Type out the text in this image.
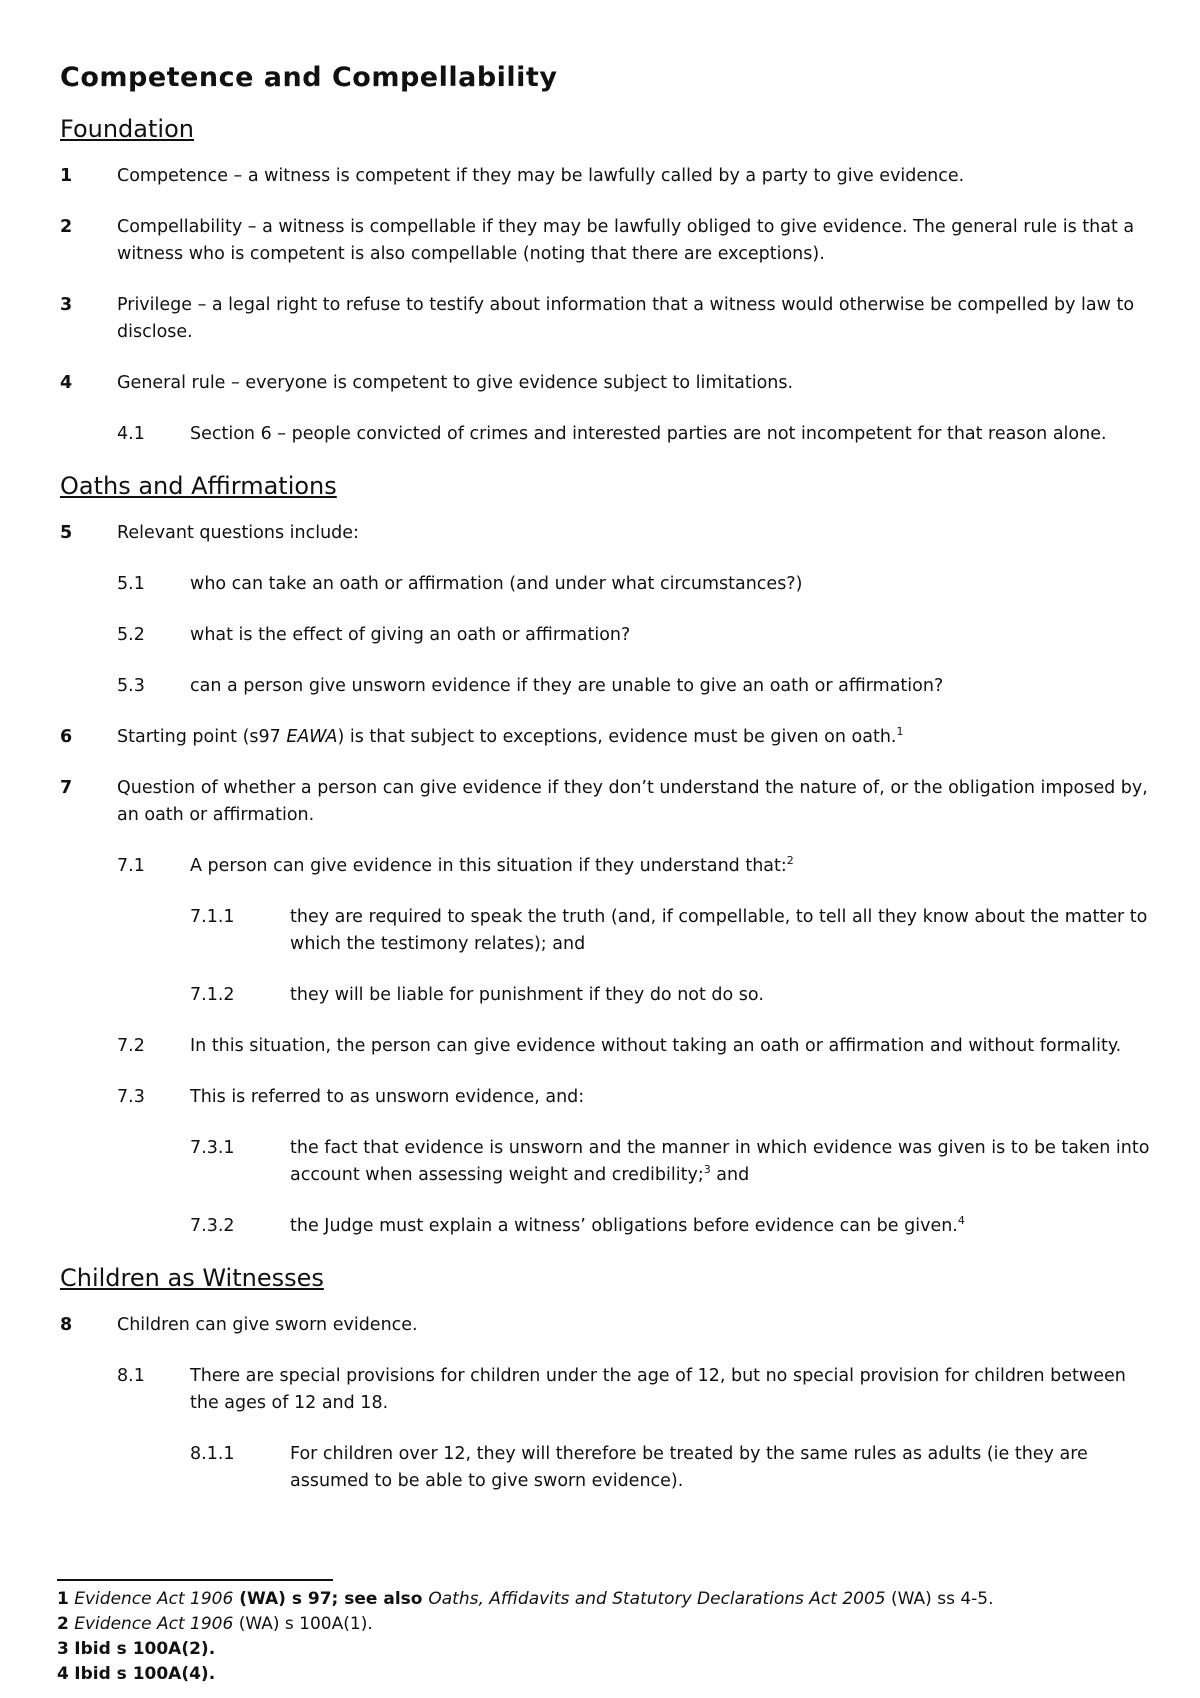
Competence and Compellability
Foundation
1	Competence – a witness is competent if they may be lawfully called by a party to give evidence.
2	Compellability – a witness is compellable if they may be lawfully obliged to give evidence. The general rule is that a witness who is competent is also compellable (noting that there are exceptions).
3	Privilege – a legal right to refuse to testify about information that a witness would otherwise be compelled by law to disclose.
4	General rule – everyone is competent to give evidence subject to limitations.
4.1	Section 6 – people convicted of crimes and interested parties are not incompetent for that reason alone.
Oaths and Affirmations
5	Relevant questions include:
5.1	who can take an oath or affirmation (and under what circumstances?)
5.2	what is the effect of giving an oath or affirmation?
5.3	can a person give unsworn evidence if they are unable to give an oath or affirmation?
6	Starting point (s97 EAWA) is that subject to exceptions, evidence must be given on oath.$^1$
7	Question of whether a person can give evidence if they don’t understand the nature of, or the obligation imposed by, an oath or affirmation.
7.1	A person can give evidence in this situation if they understand that:$^2$
7.1.1	they are required to speak the truth (and, if compellable, to tell all they know about the matter to which the testimony relates); and
7.1.2	they will be liable for punishment if they do not do so.
7.2	In this situation, the person can give evidence without taking an oath or affirmation and without formality.
7.3	This is referred to as unsworn evidence, and:
7.3.1	the fact that evidence is unsworn and the manner in which evidence was given is to be taken into account when assessing weight and credibility;$^3$ and
7.3.2	the Judge must explain a witness’ obligations before evidence can be given.$^4$
Children as Witnesses
8	Children can give sworn evidence.
8.1	There are special provisions for children under the age of 12, but no special provision for children between the ages of 12 and 18.
8.1.1	For children over 12, they will therefore be treated by the same rules as adults (ie they are assumed to be able to give sworn evidence).
1 Evidence Act 1906 (WA) s 97; see also Oaths, Affidavits and Statutory Declarations Act 2005 (WA) ss 4-5.
2 Evidence Act 1906 (WA) s 100A(1).
3 Ibid s 100A(2).
4 Ibid s 100A(4).
